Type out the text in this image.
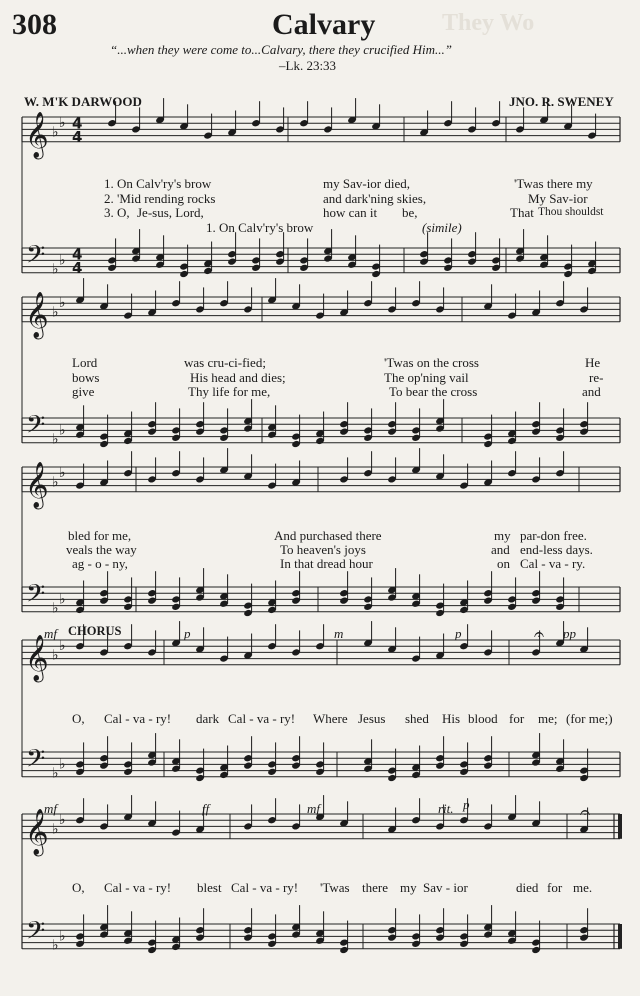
308	Calvary	They Wo
“...when they were come to...Calvary, there they crucified Him...”
–Lk. 23:33
W. M'K DARWOOD	JNO. R. SWENEY
𝄞 ♭
♭ 4
4
𝄢 ♭
♭ 4
4
𝄞 ♭
♭
𝄢 ♭
♭
𝄞 ♭
♭
𝄢 ♭
♭
𝄞 ♭
♭
𝄢 ♭
♭
𝄞 ♭
♭
𝄢 ♭
♭
𝄐
𝄐
1. On Calv'ry's brow	my Sav-ior died,	'Twas there my
2. 'Mid rending rocks	and dark'ning skies,	My Sav-ior
3. O, Je-sus, Lord,	how can it be,	That Thou shouldst
1. On Calv'ry's brow	(simile)
Lord	was cru-ci-fied;	'Twas on the cross	He
bows	His head and dies;	The op'ning vail	re-
give	Thy life for me,	To bear the cross	and
bled for me,	And purchased there	my par-don free.
veals the way	To heaven's joys	and end-less days.
ag - o - ny,	In that dread hour	on Cal - va - ry.
mf CHORUS	p	m	p	pp
O, Cal - va - ry! dark Cal - va - ry! Where Jesus shed His blood for me; (for me;)
mf	ff	mf	rit. p
O, Cal - va - ry! blest Cal - va - ry! 'Twas there my Sav - ior	died for me.
